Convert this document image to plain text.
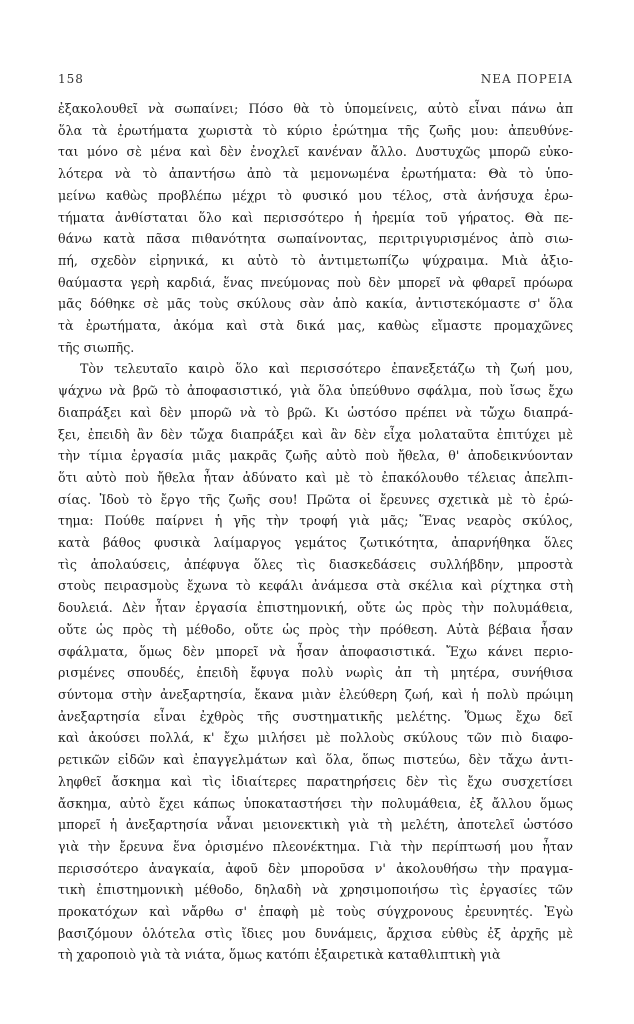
158	ΝΕΑ ΠΟΡΕΙΑ
ἐξακολουθεῖ νὰ σωπαίνει; Πόσο θὰ τὸ ὑπομείνεις, αὐτὸ εἶναι πάνω ἀπ
ὅλα τὰ ἐρωτήματα χωριστὰ τὸ κύριο ἐρώτημα τῆς ζωῆς μου: ἀπευθύνε-
ται μόνο σὲ μένα καὶ δὲν ἐνοχλεῖ κανέναν ἄλλο. Δυστυχῶς μπορῶ εὐκο-
λότερα νὰ τὸ ἀπαντήσω ἀπὸ τὰ μεμονωμένα ἐρωτήματα: Θὰ τὸ ὑπο-
μείνω καθὼς προβλέπω μέχρι τὸ φυσικό μου τέλος, στὰ ἀνήσυχα ἐρω-
τήματα ἀνθίσταται ὅλο καὶ περισσότερο ἡ ἠρεμία τοῦ γήρατος. Θὰ πε-
θάνω κατὰ πᾶσα πιθανότητα σωπαίνοντας, περιτριγυρισμένος ἀπὸ σιω-
πή, σχεδὸν εἰρηνικά, κι αὐτὸ τὸ ἀντιμετωπίζω ψύχραιμα. Μιὰ ἀξιο-
θαύμαστα γερὴ καρδιά, ἕνας πνεύμονας ποὺ δὲν μπορεῖ νὰ φθαρεῖ πρόωρα
μᾶς δόθηκε σὲ μᾶς τοὺς σκύλους σὰν ἀπὸ κακία, ἀντιστεκόμαστε σ' ὅλα
τὰ ἐρωτήματα, ἀκόμα καὶ στὰ δικά μας, καθὼς εἴμαστε προμαχῶνες
τῆς σιωπῆς.
Τὸν τελευταῖο καιρὸ ὅλο καὶ περισσότερο ἐπανεξετάζω τὴ ζωή μου,
ψάχνω νὰ βρῶ τὸ ἀποφασιστικό, γιὰ ὅλα ὑπεύθυνο σφάλμα, ποὺ ἴσως ἔχω
διαπράξει καὶ δὲν μπορῶ νὰ τὸ βρῶ. Κι ὡστόσο πρέπει νὰ τὤχω διαπρά-
ξει, ἐπειδὴ ἂν δὲν τὤχα διαπράξει καὶ ἂν δὲν εἶχα μολαταῦτα ἐπιτύχει μὲ
τὴν τίμια ἐργασία μιᾶς μακρᾶς ζωῆς αὐτὸ ποὺ ἤθελα, θ' ἀποδεικνύονταν
ὅτι αὐτὸ ποὺ ἤθελα ἦταν ἀδύνατο καὶ μὲ τὸ ἐπακόλουθο τέλειας ἀπελπι-
σίας. Ἰδοὺ τὸ ἔργο τῆς ζωῆς σου! Πρῶτα οἱ ἔρευνες σχετικὰ μὲ τὸ ἐρώ-
τημα: Πούθε παίρνει ἡ γῆς τὴν τροφή γιὰ μᾶς; Ἕνας νεαρὸς σκύλος,
κατὰ βάθος φυσικὰ λαίμαργος γεμάτος ζωτικότητα, ἀπαρνήθηκα ὅλες
τὶς ἀπολαύσεις, ἀπέφυγα ὅλες τὶς διασκεδάσεις συλλήβδην, μπροστὰ
στοὺς πειρασμοὺς ἔχωνα τὸ κεφάλι ἀνάμεσα στὰ σκέλια καὶ ρίχτηκα στὴ
δουλειά. Δὲν ἦταν ἐργασία ἐπιστημονική, οὔτε ὡς πρὸς τὴν πολυμάθεια,
οὔτε ὡς πρὸς τὴ μέθοδο, οὔτε ὡς πρὸς τὴν πρόθεση. Αὐτὰ βέβαια ἦσαν
σφάλματα, ὅμως δὲν μπορεῖ νὰ ἦσαν ἀποφασιστικά. Ἔχω κάνει περιο-
ρισμένες σπουδές, ἐπειδὴ ἔφυγα πολὺ νωρὶς ἀπ τὴ μητέρα, συνήθισα
σύντομα στὴν ἀνεξαρτησία, ἔκανα μιὰν ἐλεύθερη ζωή, καὶ ἡ πολὺ πρώιμη
ἀνεξαρτησία εἶναι ἐχθρὸς τῆς συστηματικῆς μελέτης. Ὅμως ἔχω δεῖ
καὶ ἀκούσει πολλά, κ' ἔχω μιλήσει μὲ πολλοὺς σκύλους τῶν πιὸ διαφο-
ρετικῶν εἰδῶν καὶ ἐπαγγελμάτων καὶ ὅλα, ὅπως πιστεύω, δὲν τἄχω ἀντι-
ληφθεῖ ἄσκημα καὶ τὶς ἰδιαίτερες παρατηρήσεις δὲν τὶς ἔχω συσχετίσει
ἄσκημα, αὐτὸ ἔχει κάπως ὑποκαταστήσει τὴν πολυμάθεια, ἐξ ἄλλου ὅμως
μπορεῖ ἡ ἀνεξαρτησία νἆναι μειονεκτικὴ γιὰ τὴ μελέτη, ἀποτελεῖ ὡστόσο
γιὰ τὴν ἔρευνα ἕνα ὁρισμένο πλεονέκτημα. Γιὰ τὴν περίπτωσή μου ἦταν
περισσότερο ἀναγκαία, ἀφοῦ δὲν μποροῦσα ν' ἀκολουθήσω τὴν πραγμα-
τικὴ ἐπιστημονικὴ μέθοδο, δηλαδὴ νὰ χρησιμοποιήσω τὶς ἐργασίες τῶν
προκατόχων καὶ νἄρθω σ' ἐπαφὴ μὲ τοὺς σύγχρονους ἐρευνητές. Ἐγὼ
βασιζόμουν ὁλότελα στὶς ἴδιες μου δυνάμεις, ἄρχισα εὐθὺς ἐξ ἀρχῆς μὲ
τὴ χαροποιὸ γιὰ τὰ νιάτα, ὅμως κατόπι ἐξαιρετικὰ καταθλιπτικὴ γιὰ
